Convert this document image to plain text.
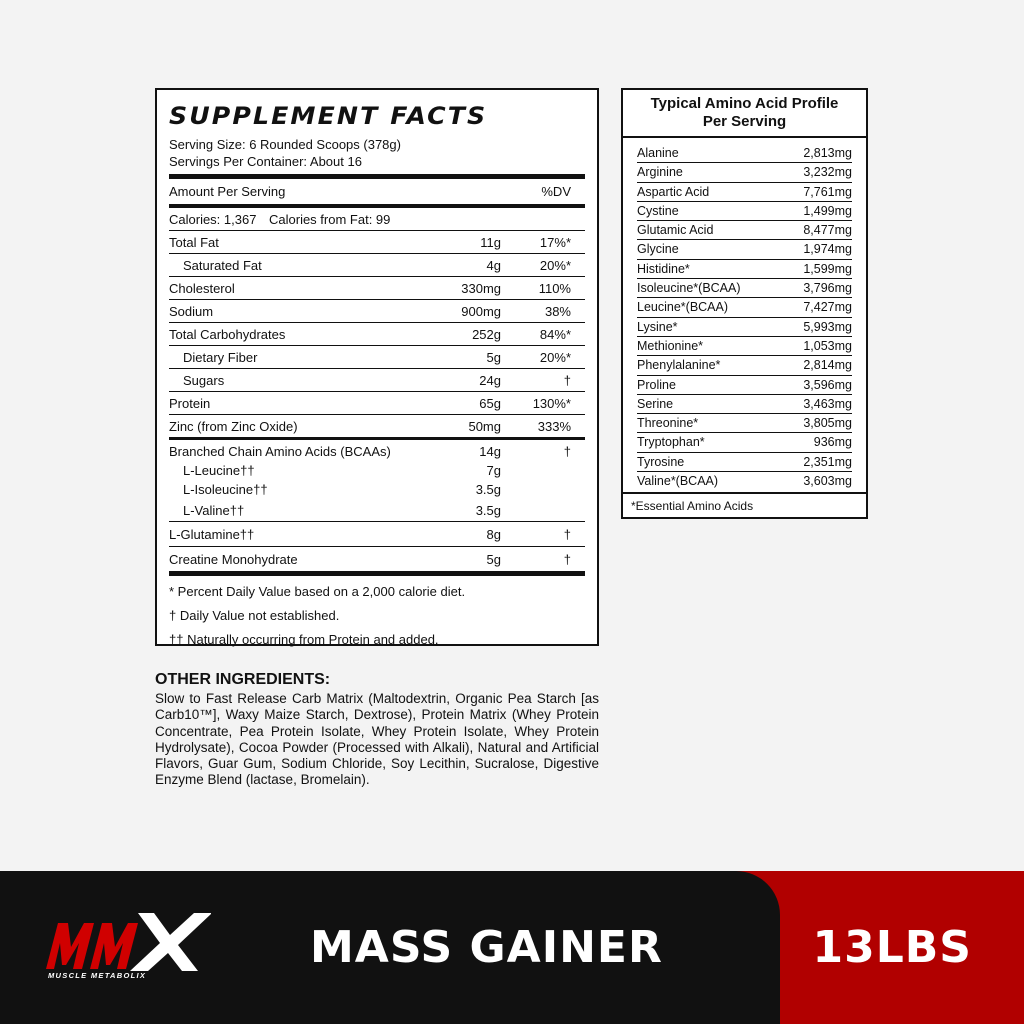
SUPPLEMENT FACTS
Serving Size: 6 Rounded Scoops (378g)
Servings Per Container: About 16
Amount Per Serving	%DV
Calories: 1,367 Calories from Fat: 99
Total Fat	11g	17%*
Saturated Fat	4g	20%*
Cholesterol	330mg	110%
Sodium	900mg	38%
Total Carbohydrates	252g	84%*
Dietary Fiber	5g	20%*
Sugars	24g	†
Protein	65g	130%*
Zinc (from Zinc Oxide)	50mg	333%
Branched Chain Amino Acids (BCAAs)	14g	†
L-Leucine††	7g
L-Isoleucine††	3.5g
L-Valine††	3.5g
L-Glutamine††	8g	†
Creatine Monohydrate	5g	†
* Percent Daily Value based on a 2,000 calorie diet.
† Daily Value not established.
†† Naturally occurring from Protein and added.
Typical Amino Acid Profile
Per Serving
Alanine	2,813mg
Arginine	3,232mg
Aspartic Acid	7,761mg
Cystine	1,499mg
Glutamic Acid	8,477mg
Glycine	1,974mg
Histidine*	1,599mg
Isoleucine*(BCAA)	3,796mg
Leucine*(BCAA)	7,427mg
Lysine*	5,993mg
Methionine*	1,053mg
Phenylalanine*	2,814mg
Proline	3,596mg
Serine	3,463mg
Threonine*	3,805mg
Tryptophan*	936mg
Tyrosine	2,351mg
Valine*(BCAA)	3,603mg
*Essential Amino Acids
OTHER INGREDIENTS:

Slow to Fast Release Carb Matrix (Maltodextrin, Organic Pea Starch [as Carb10™], Waxy Maize Starch, Dextrose), Protein Matrix (Whey Protein Concentrate, Pea Protein Isolate, Whey Protein Isolate, Whey Protein Hydrolysate), Cocoa Powder (Processed with Alkali), Natural and Artificial Flavors, Guar Gum, Sodium Chloride, Soy Lecithin, Sucralose, Digestive Enzyme Blend (lactase, Bromelain).

MUSCLE METABOLIX
MASS GAINER	13LBS
